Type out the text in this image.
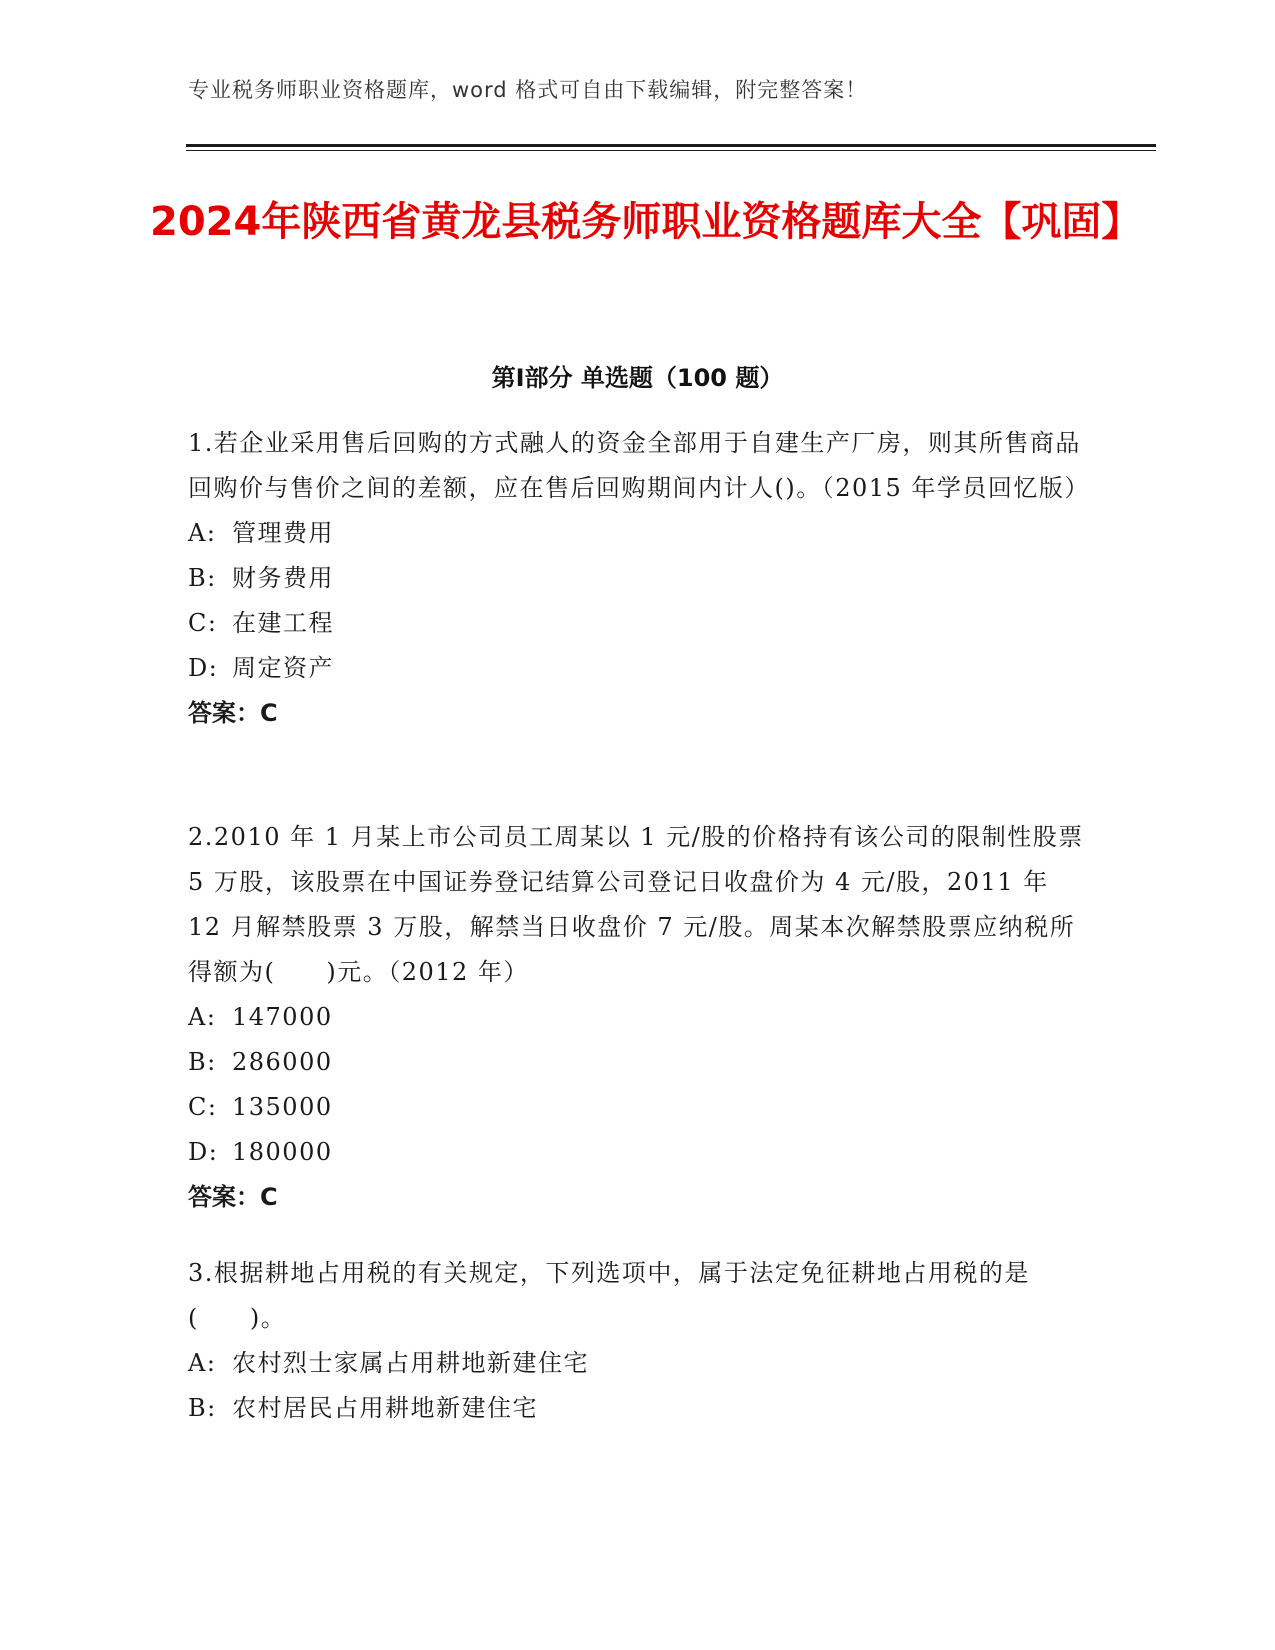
专业税务师职业资格题库，word 格式可自由下载编辑，附完整答案！
2024年陕西省黄龙县税务师职业资格题库大全【巩固】
第Ⅰ部分 单选题（100 题）

1.若企业采用售后回购的方式融人的资金全部用于自建生产厂房，则其所售商品回购价与售价之间的差额，应在售后回购期间内计人()。（2015 年学员回忆版）

A: 管理费用

B: 财务费用

C: 在建工程

D: 周定资产

答案：C

2.2010 年 1 月某上市公司员工周某以 1 元/股的价格持有该公司的限制性股票 5 万股，该股票在中国证券登记结算公司登记日收盘价为 4 元/股，2011 年 12 月解禁股票 3 万股，解禁当日收盘价 7 元/股。周某本次解禁股票应纳税所得额为(　　)元。（2012 年）

A: 147000

B: 286000

C: 135000

D: 180000

答案：C

3.根据耕地占用税的有关规定，下列选项中，属于法定免征耕地占用税的是(　　)。

A: 农村烈士家属占用耕地新建住宅

B: 农村居民占用耕地新建住宅
